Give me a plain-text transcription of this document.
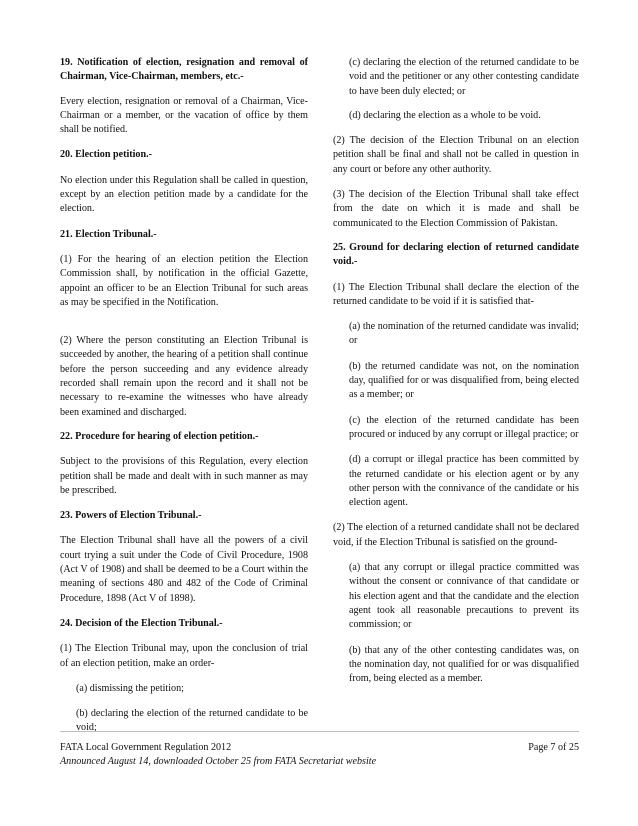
19. Notification of election, resignation and removal of Chairman, Vice-Chairman, members, etc.-

Every election, resignation or removal of a Chairman, Vice-Chairman or a member, or the vacation of office by them shall be notified.

20. Election petition.-

No election under this Regulation shall be called in question, except by an election petition made by a candidate for the election.

21. Election Tribunal.-

(1) For the hearing of an election petition the Election Commission shall, by notification in the official Gazette, appoint an officer to be an Election Tribunal for such areas as may be specified in the Notification.

(2) Where the person constituting an Election Tribunal is succeeded by another, the hearing of a petition shall continue before the person succeeding and any evidence already recorded shall remain upon the record and it shall not be necessary to re-examine the witnesses who have already been examined and discharged.

22. Procedure for hearing of election petition.-

Subject to the provisions of this Regulation, every election petition shall be made and dealt with in such manner as may be prescribed.

23. Powers of Election Tribunal.-

The Election Tribunal shall have all the powers of a civil court trying a suit under the Code of Civil Procedure, 1908 (Act V of 1908) and shall be deemed to be a Court within the meaning of sections 480 and 482 of the Code of Criminal Procedure, 1898 (Act V of 1898).

24. Decision of the Election Tribunal.-

(1) The Election Tribunal may, upon the conclusion of trial of an election petition, make an order-

(a) dismissing the petition;

(b) declaring the election of the returned candidate to be void;

(c) declaring the election of the returned candidate to be void and the petitioner or any other contesting candidate to have been duly elected; or

(d) declaring the election as a whole to be void.

(2) The decision of the Election Tribunal on an election petition shall be final and shall not be called in question in any court or before any other authority.

(3) The decision of the Election Tribunal shall take effect from the date on which it is made and shall be communicated to the Election Commission of Pakistan.

25. Ground for declaring election of returned candidate void.-

(1) The Election Tribunal shall declare the election of the returned candidate to be void if it is satisfied that-

(a) the nomination of the returned candidate was invalid; or

(b) the returned candidate was not, on the nomination day, qualified for or was disqualified from, being elected as a member; or

(c) the election of the returned candidate has been procured or induced by any corrupt or illegal practice; or

(d) a corrupt or illegal practice has been committed by the returned candidate or his election agent or by any other person with the connivance of the candidate or his election agent.

(2) The election of a returned candidate shall not be declared void, if the Election Tribunal is satisfied on the ground-

(a) that any corrupt or illegal practice committed was without the consent or connivance of that candidate or his election agent and that the candidate and the election agent took all reasonable precautions to prevent its commission; or

(b) that any of the other contesting candidates was, on the nomination day, not qualified for or was disqualified from, being elected as a member.

FATA Local Government Regulation 2012	Page 7 of 25
Announced August 14, downloaded October 25 from FATA Secretariat website
